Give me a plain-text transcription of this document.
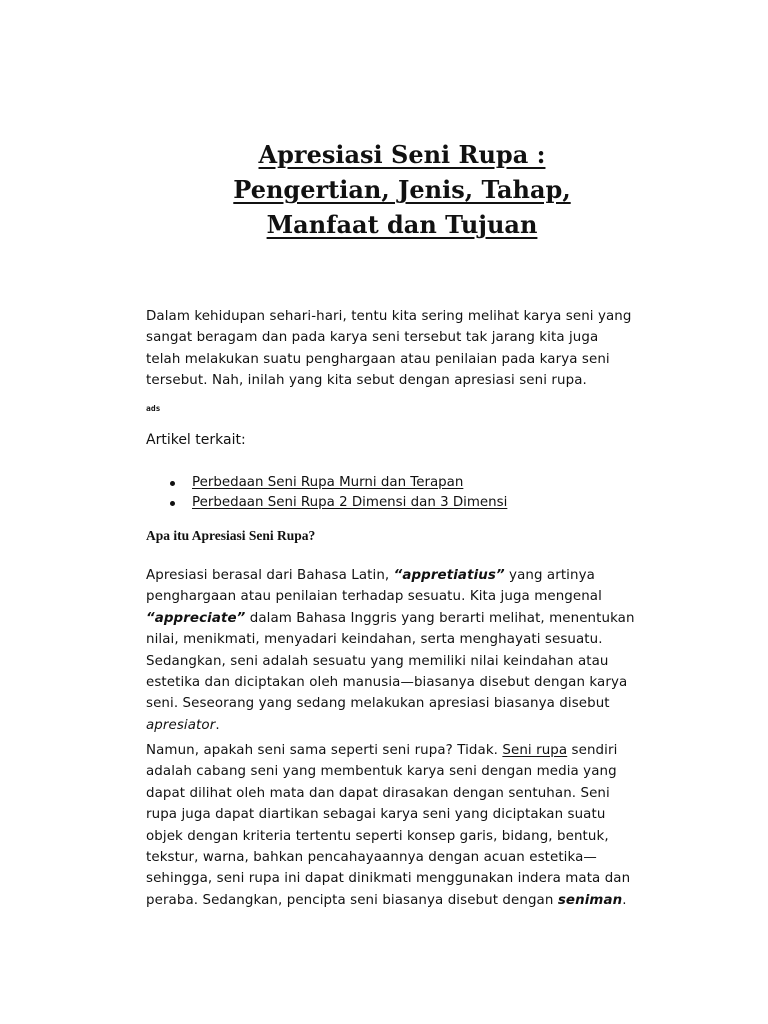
Apresiasi Seni Rupa :
Pengertian, Jenis, Tahap,
Manfaat dan Tujuan

Dalam kehidupan sehari-hari, tentu kita sering melihat karya seni yang
sangat beragam dan pada karya seni tersebut tak jarang kita juga
telah melakukan suatu penghargaan atau penilaian pada karya seni
tersebut. Nah, inilah yang kita sebut dengan apresiasi seni rupa.

ads

Artikel terkait:

Perbedaan Seni Rupa Murni dan Terapan
Perbedaan Seni Rupa 2 Dimensi dan 3 Dimensi
Apa itu Apresiasi Seni Rupa?

Apresiasi berasal dari Bahasa Latin, “appretiatius” yang artinya
penghargaan atau penilaian terhadap sesuatu. Kita juga mengenal
“appreciate” dalam Bahasa Inggris yang berarti melihat, menentukan
nilai, menikmati, menyadari keindahan, serta menghayati sesuatu.
Sedangkan, seni adalah sesuatu yang memiliki nilai keindahan atau
estetika dan diciptakan oleh manusia—biasanya disebut dengan karya
seni. Seseorang yang sedang melakukan apresiasi biasanya disebut
apresiator.

Namun, apakah seni sama seperti seni rupa? Tidak. Seni rupa sendiri
adalah cabang seni yang membentuk karya seni dengan media yang
dapat dilihat oleh mata dan dapat dirasakan dengan sentuhan. Seni
rupa juga dapat diartikan sebagai karya seni yang diciptakan suatu
objek dengan kriteria tertentu seperti konsep garis, bidang, bentuk,
tekstur, warna, bahkan pencahayaannya dengan acuan estetika—
sehingga, seni rupa ini dapat dinikmati menggunakan indera mata dan
peraba. Sedangkan, pencipta seni biasanya disebut dengan seniman.
